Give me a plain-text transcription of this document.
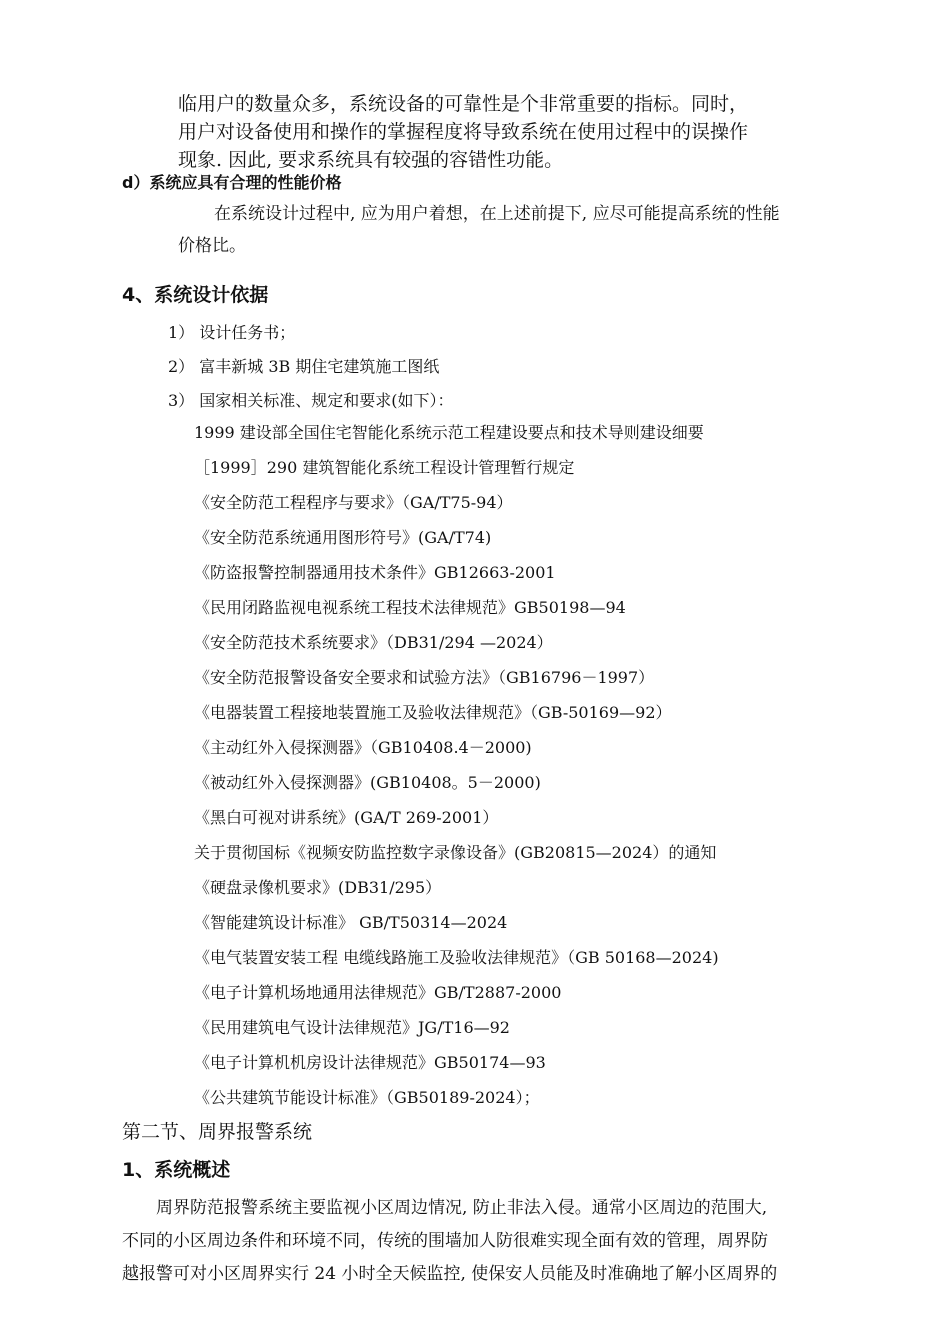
临用户的数量众多，系统设备的可靠性是个非常重要的指标。同时，
用户对设备使用和操作的掌握程度将导致系统在使用过程中的误操作
现象. 因此, 要求系统具有较强的容错性功能。
d）系统应具有合理的性能价格
在系统设计过程中, 应为用户着想，在上述前提下, 应尽可能提高系统的性能
价格比。
4、系统设计依据
1） 设计任务书；
2） 富丰新城 3B 期住宅建筑施工图纸
3） 国家相关标准、规定和要求(如下）：
1999 建设部全国住宅智能化系统示范工程建设要点和技术导则建设细要
［1999］290 建筑智能化系统工程设计管理暂行规定
《安全防范工程程序与要求》（GA/T75-94）
《安全防范系统通用图形符号》(GA/T74)
《防盗报警控制器通用技术条件》GB12663-2001
《民用闭路监视电视系统工程技术法律规范》GB50198—94
《安全防范技术系统要求》（DB31/294 —2024）
《安全防范报警设备安全要求和试验方法》（GB16796－1997）
《电器装置工程接地装置施工及验收法律规范》（GB-50169—92）
《主动红外入侵探测器》（GB10408.4－2000)
《被动红外入侵探测器》(GB10408。5－2000)
《黑白可视对讲系统》(GA/T 269-2001）
关于贯彻国标《视频安防监控数字录像设备》(GB20815—2024）的通知
《硬盘录像机要求》(DB31/295）
《智能建筑设计标准》 GB/T50314—2024
《电气装置安装工程 电缆线路施工及验收法律规范》（GB 50168—2024)
《电子计算机场地通用法律规范》GB/T2887-2000
《民用建筑电气设计法律规范》JG/T16—92
《电子计算机机房设计法律规范》GB50174—93
《公共建筑节能设计标准》（GB50189-2024）；
第二节、周界报警系统
1、系统概述
　　周界防范报警系统主要监视小区周边情况, 防止非法入侵。通常小区周边的范围大,
不同的小区周边条件和环境不同，传统的围墙加人防很难实现全面有效的管理，周界防
越报警可对小区周界实行 24 小时全天候监控, 使保安人员能及时准确地了解小区周界的
